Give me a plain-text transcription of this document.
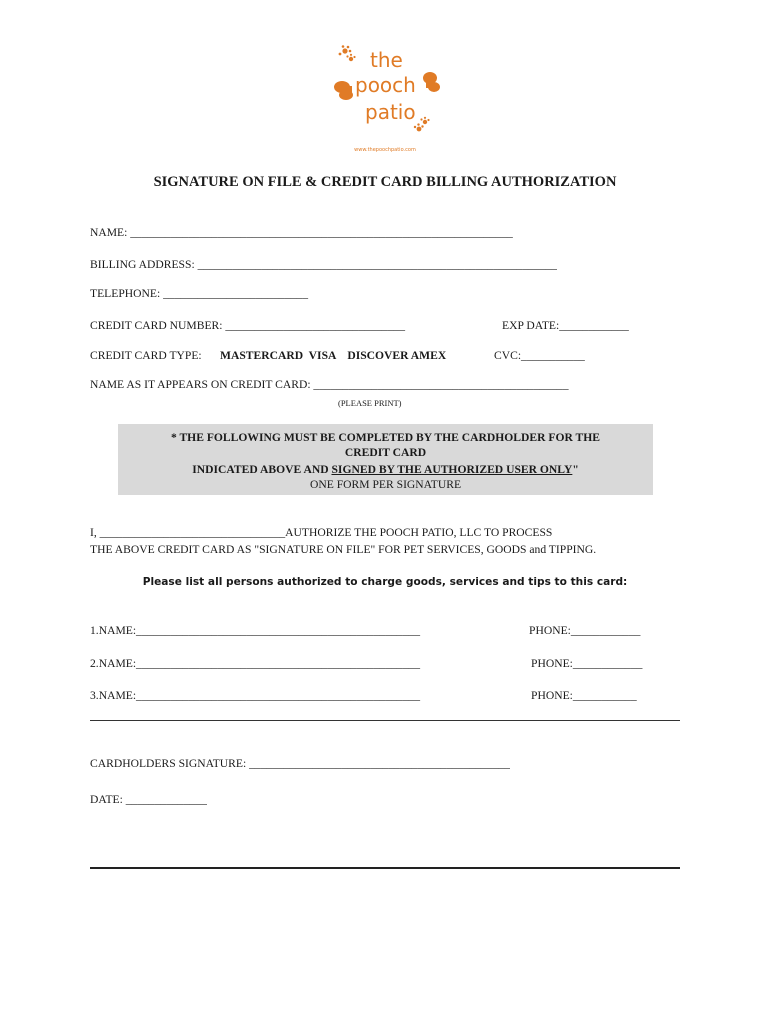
the
pooch
patio
www.thepoochpatio.com
SIGNATURE ON FILE & CREDIT CARD BILLING AUTHORIZATION
NAME: __________________________________________________________________
BILLING ADDRESS: ______________________________________________________________
TELEPHONE: _________________________
CREDIT CARD NUMBER: _______________________________	EXP DATE:____________
CREDIT CARD TYPE: MASTERCARD  VISA    DISCOVER AMEX	CVC:___________
NAME AS IT APPEARS ON CREDIT CARD: ____________________________________________
(PLEASE PRINT)
* THE FOLLOWING MUST BE COMPLETED BY THE CARDHOLDER FOR THE
CREDIT CARD
INDICATED ABOVE AND SIGNED BY THE AUTHORIZED USER ONLY"
ONE FORM PER SIGNATURE
I, ________________________________AUTHORIZE THE POOCH PATIO, LLC TO PROCESS
THE ABOVE CREDIT CARD AS "SIGNATURE ON FILE" FOR PET SERVICES, GOODS and TIPPING.
Please list all persons authorized to charge goods, services and tips to this card:
1.NAME:_________________________________________________	PHONE:____________
2.NAME:_________________________________________________	PHONE:____________
3.NAME:_________________________________________________	PHONE:___________
CARDHOLDERS SIGNATURE: _____________________________________________
DATE: ______________
